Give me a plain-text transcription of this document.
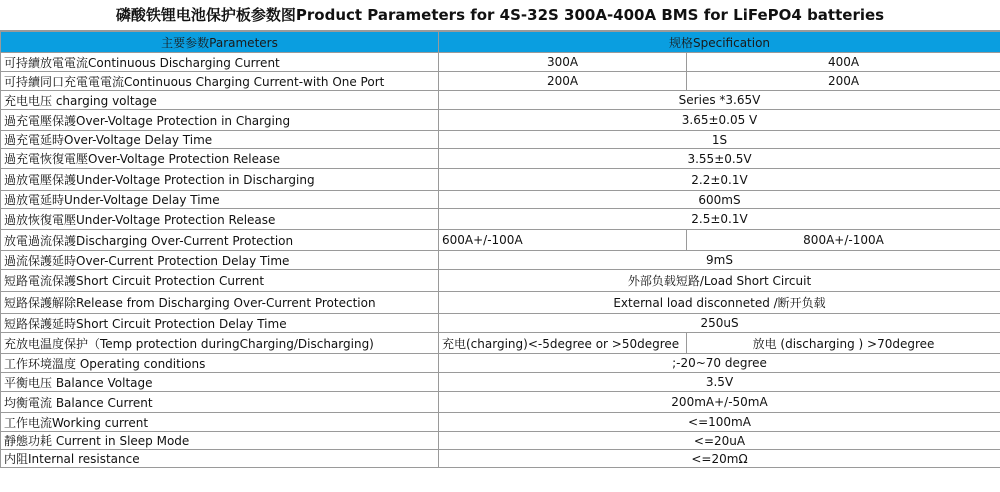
磷酸铁锂电池保护板参数图Product Parameters for 4S-32S 300A-400A BMS for LiFePO4 batteries
主要参数Parameters	规格Specification	
可持續放電電流Continuous Discharging Current	300A	400A
可持續同口充電電電流Continuous Charging Current-with One Port	200A	200A
充电电压 charging voltage	Series *3.65V	
過充電壓保護Over-Voltage Protection in Charging	3.65±0.05 V	
過充電延時Over-Voltage Delay Time	1S	
過充電恢復電壓Over-Voltage Protection Release	3.55±0.5V	
過放電壓保護Under-Voltage Protection in Discharging	2.2±0.1V	
過放電延時Under-Voltage Delay Time	600mS	
過放恢復電壓Under-Voltage Protection Release	2.5±0.1V	
放電過流保護Discharging Over-Current Protection	600A+/-100A	800A+/-100A
過流保護延時Over-Current Protection Delay Time	9mS	
短路電流保護Short Circuit Protection Current	外部负载短路/Load Short Circuit	
短路保護解除Release from Discharging Over-Current Protection	External load disconneted /断开负载	
短路保護延時Short Circuit Protection Delay Time	250uS	
充放电温度保护（Temp protection duringCharging/Discharging)	充电(charging)<-5degree or >50degree	放电 (discharging ) >70degree
工作环境溫度 Operating conditions	;-20~70 degree	
平衡电压 Balance Voltage	3.5V	
均衡電流 Balance Current	200mA+/-50mA	
工作电流Working current	<=100mA	
靜態功耗 Current in Sleep Mode	<=20uA	
内阻Internal resistance	<=20mΩ	
